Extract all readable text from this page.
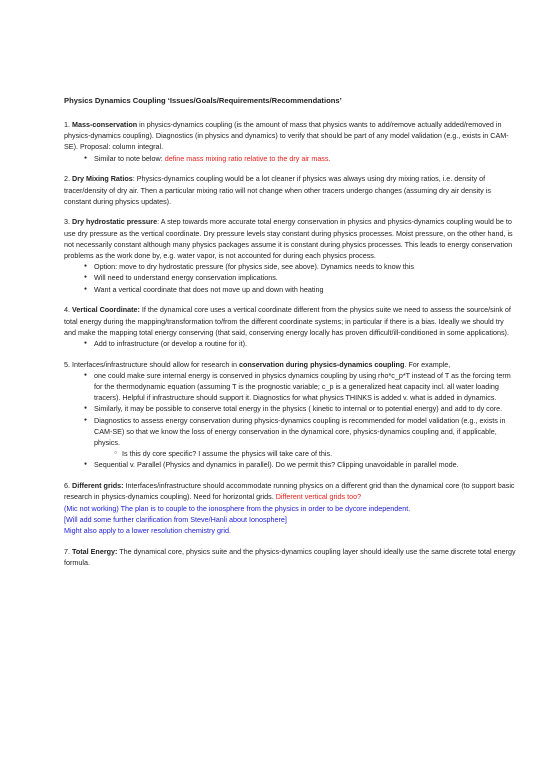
Physics Dynamics Coupling ‘Issues/Goals/Requirements/Recommendations’

1. Mass-conservation in physics-dynamics coupling (is the amount of mass that physics wants to add/remove actually added/removed in physics-dynamics coupling). Diagnostics (in physics and dynamics) to verify that should be part of any model validation (e.g., exists in CAM-SE). Proposal: column integral.

● Similar to note below: define mass mixing ratio relative to the dry air mass.

2. Dry Mixing Ratios: Physics-dynamics coupling would be a lot cleaner if physics was always using dry mixing ratios, i.e. density of tracer/density of dry air. Then a particular mixing ratio will not change when other tracers undergo changes (assuming dry air density is constant during physics updates).

3. Dry hydrostatic pressure: A step towards more accurate total energy conservation in physics and physics-dynamics coupling would be to use dry pressure as the vertical coordinate. Dry pressure levels stay constant during physics processes. Moist pressure, on the other hand, is not necessarily constant although many physics packages assume it is constant during physics processes. This leads to energy conservation problems as the work done by, e.g. water vapor, is not accounted for during each physics process.

● Option: move to dry hydrostatic pressure (for physics side, see above). Dynamics needs to know this
● Will need to understand energy conservation implications.
● Want a vertical coordinate that does not move up and down with heating

4. Vertical Coordinate: If the dynamical core uses a vertical coordinate different from the physics suite we need to assess the source/sink of total energy during the mapping/transformation to/from the different coordinate systems; in particular if there is a bias. Ideally we should try and make the mapping total energy conserving (that said, conserving energy locally has proven difficult/ill-conditioned in some applications).

● Add to infrastructure (or develop a routine for it).

5. Interfaces/infrastructure should allow for research in conservation during physics-dynamics coupling. For example,

● one could make sure internal energy is conserved in physics dynamics coupling by using rho*c_p*T instead of T as the forcing term for the thermodynamic equation (assuming T is the prognostic variable; c_p is a generalized heat capacity incl. all water loading tracers). Helpful if infrastructure should support it. Diagnostics for what physics THINKS is added v. what is added in dynamics.
● Similarly, it may be possible to conserve total energy in the physics ( kinetic to internal or to potential energy) and add to dy core.
● Diagnostics to assess energy conservation during physics-dynamics coupling is recommended for model validation (e.g., exists in CAM-SE) so that we know the loss of energy conservation in the dynamical core, physics-dynamics coupling and, if applicable, physics.
○ Is this dy core specific? I assume the physics will take care of this.
● Sequential v. Parallel (Physics and dynamics in parallel). Do we permit this? Clipping unavoidable in parallel mode.

6. Different grids: Interfaces/infrastructure should accommodate running physics on a different grid than the dynamical core (to support basic research in physics-dynamics coupling). Need for horizontal grids. Different vertical grids too?

(Mic not working) The plan is to couple to the ionosphere from the physics in order to be dycore independent.

[Will add some further clarification from Steve/Hanli about Ionosphere]

Might also apply to a lower resolution chemistry grid.

7. Total Energy: The dynamical core, physics suite and the physics-dynamics coupling layer should ideally use the same discrete total energy formula.
